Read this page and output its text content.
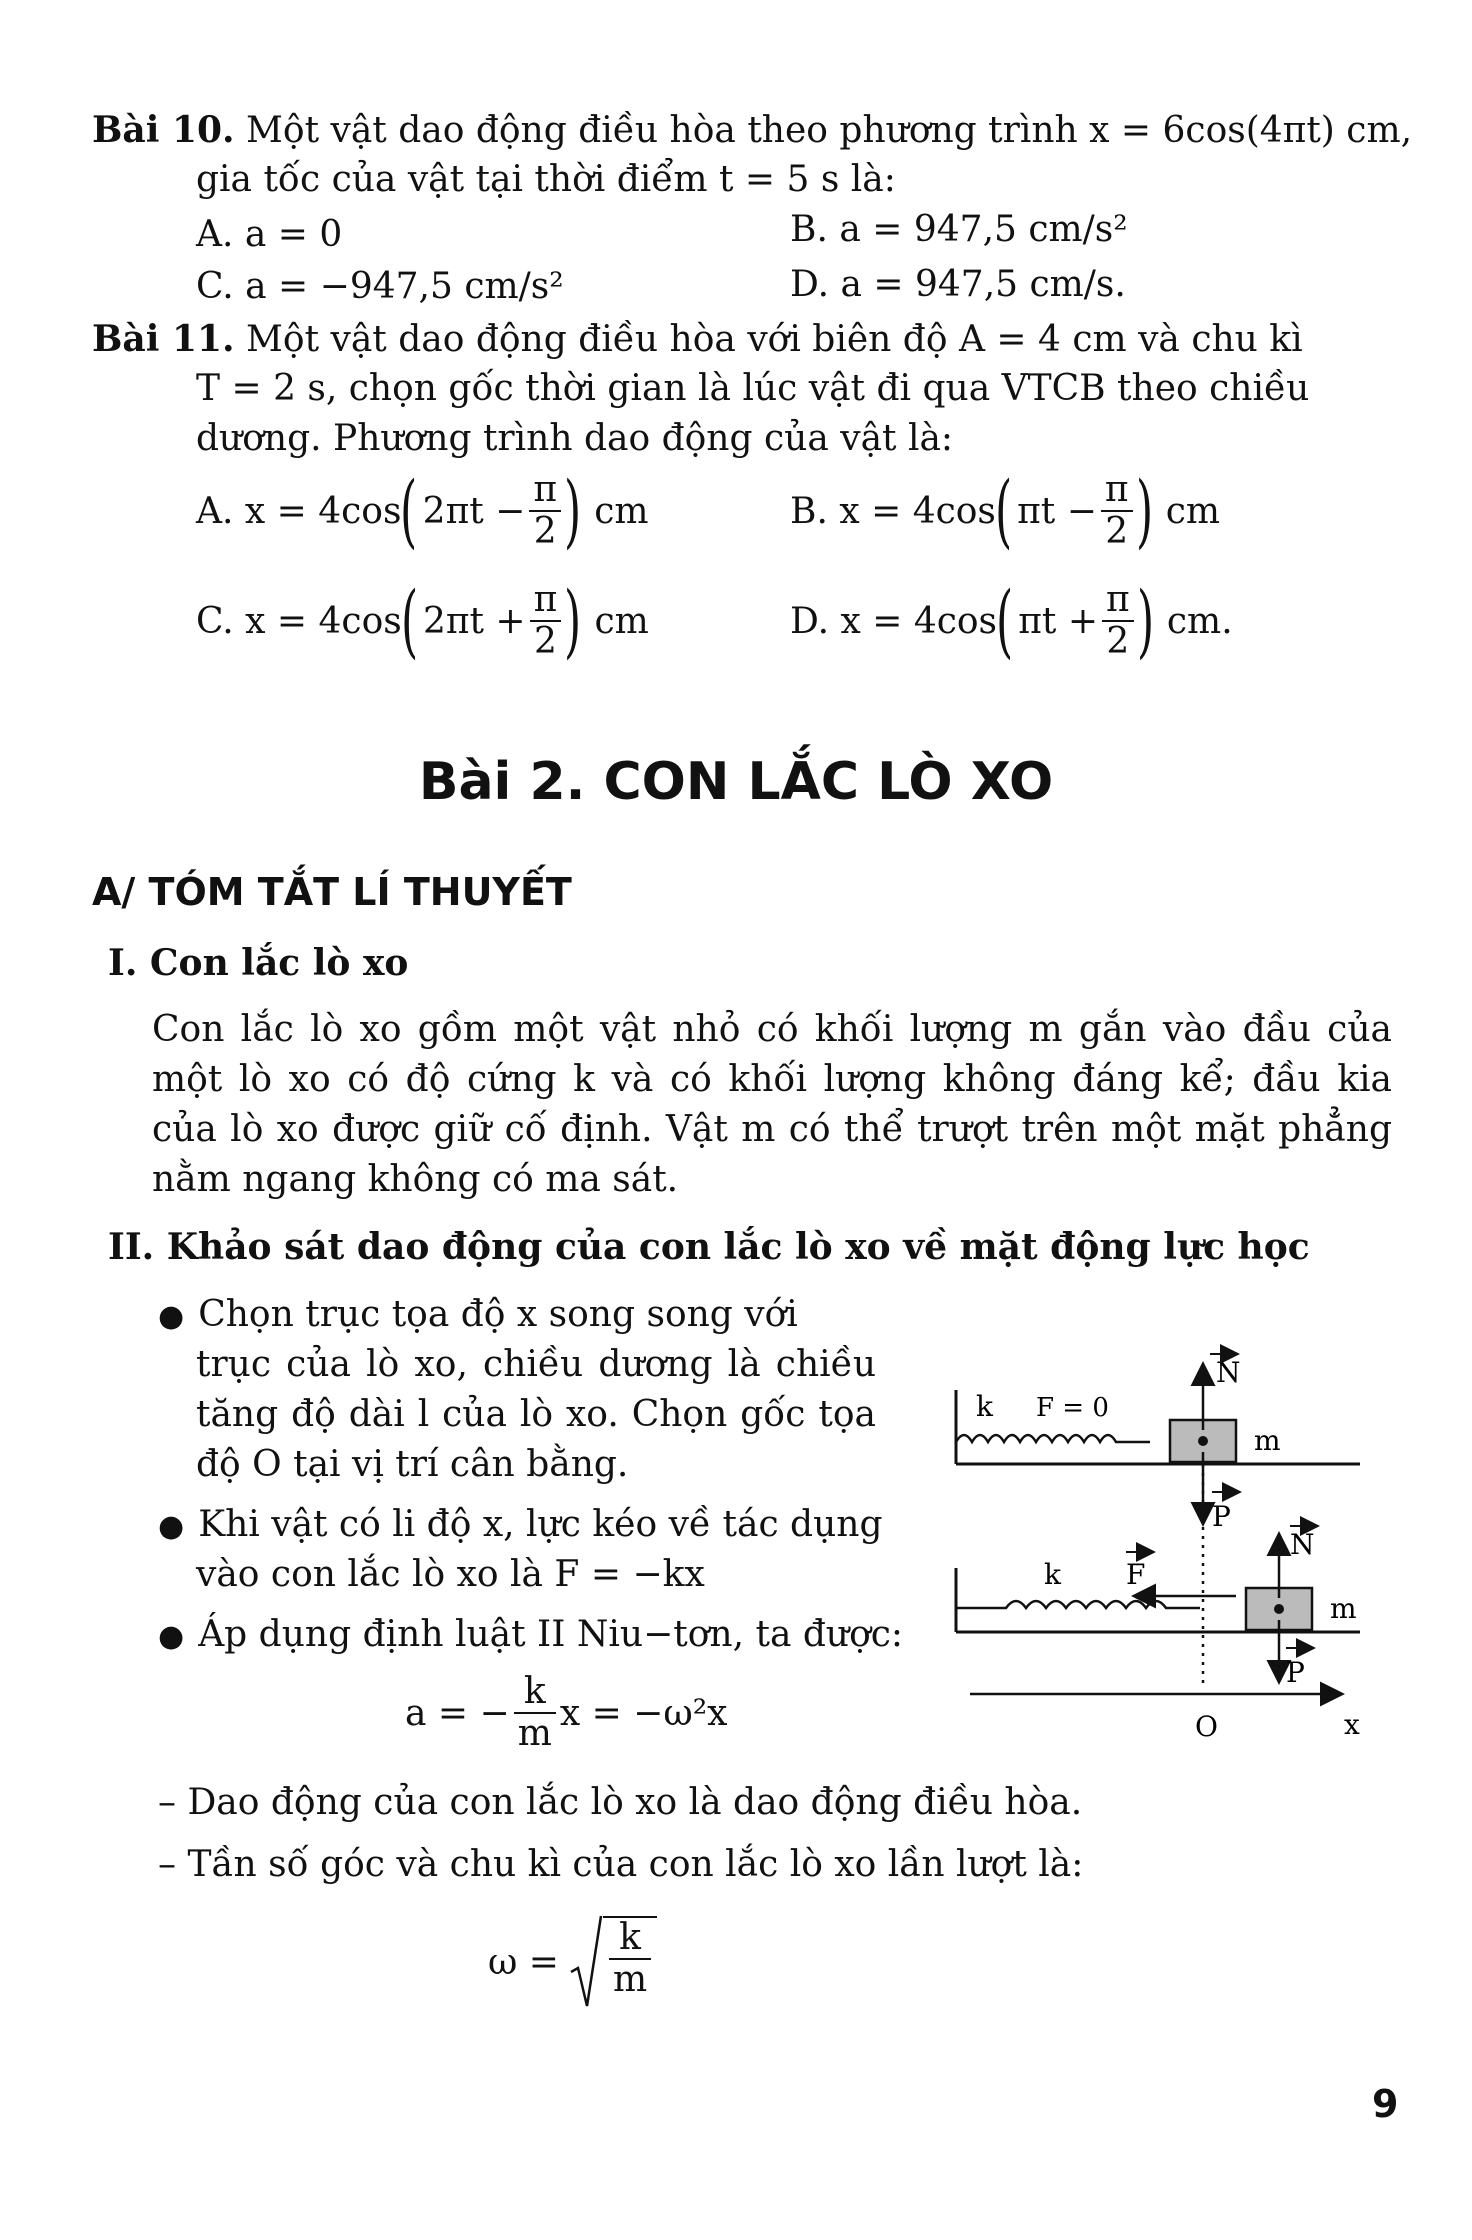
Bài 10. Một vật dao động điều hòa theo phương trình x = 6cos(4πt) cm,
gia tốc của vật tại thời điểm t = 5 s là:
A. a = 0	B. a = 947,5 cm/s²
C. a = −947,5 cm/s²	D. a = 947,5 cm/s.
Bài 11. Một vật dao động điều hòa với biên độ A = 4 cm và chu kì
T = 2 s, chọn gốc thời gian là lúc vật đi qua VTCB theo chiều
dương. Phương trình dao động của vật là:
A. x = 4cos ( $2\pi t - \frac{\pi}{2}$ ) cm	B. x = 4cos ( $\pi t - \frac{\pi}{2}$ ) cm
C. x = 4cos ( $2\pi t + \frac{\pi}{2}$ ) cm	D. x = 4cos ( $\pi t + \frac{\pi}{2}$ ) cm.
Bài 2. CON LẮC LÒ XO
A/ TÓM TẮT LÍ THUYẾT
I. Con lắc lò xo
Con lắc lò xo gồm một vật nhỏ có khối lượng m gắn vào đầu của
một lò xo có độ cứng k và có khối lượng không đáng kể; đầu kia
của lò xo được giữ cố định. Vật m có thể trượt trên một mặt phẳng
nằm ngang không có ma sát.
II. Khảo sát dao động của con lắc lò xo về mặt động lực học
● Chọn trục tọa độ x song song với
trục của lò xo, chiều dương là chiều
tăng độ dài l của lò xo. Chọn gốc tọa
độ O tại vị trí cân bằng.
● Khi vật có li độ x, lực kéo về tác dụng
vào con lắc lò xo là F = −kx
● Áp dụng định luật II Niu−tơn, ta được:
a = − $\frac{k}{m}$ x = −ω²x
– Dao động của con lắc lò xo là dao động điều hòa.
– Tần số góc và chu kì của con lắc lò xo lần lượt là:
$\omega = \frac{k}{m}$
k F = 0
m
N
P
k F
m
N
P
O	x
9
